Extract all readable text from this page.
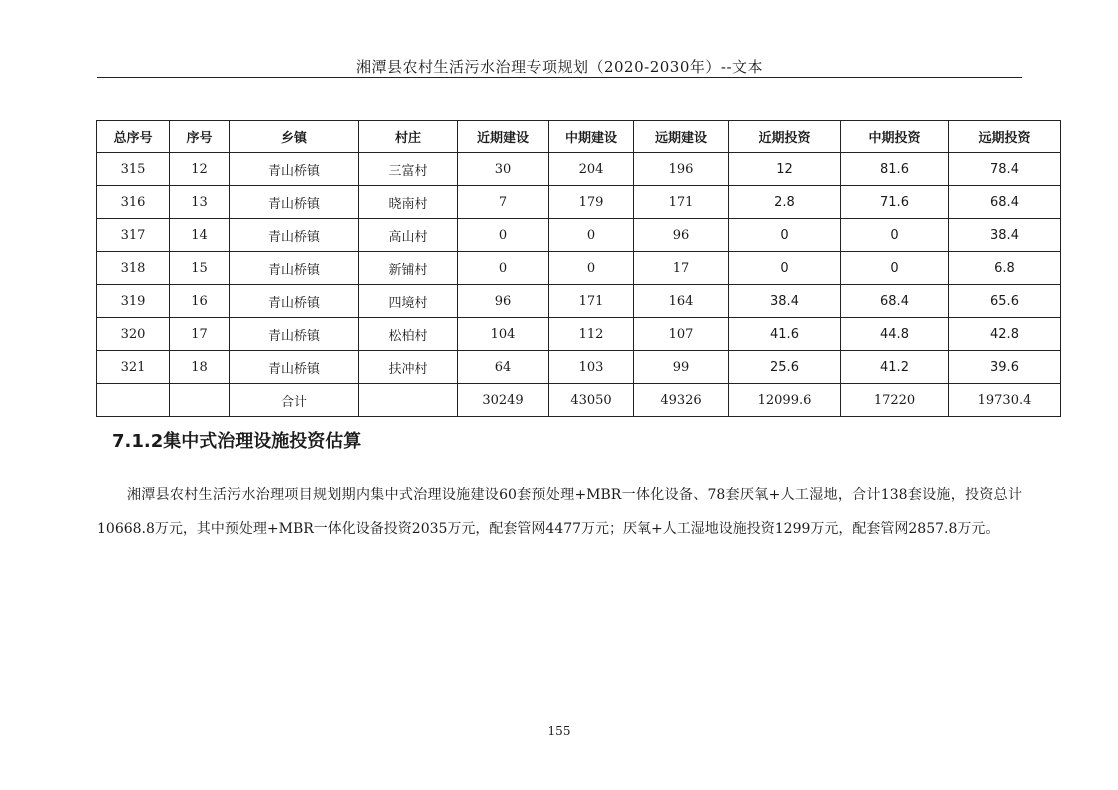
湘潭县农村生活污水治理专项规划（2020-2030年）--文本
总序号	序号	乡镇	村庄	近期建设	中期建设	远期建设	近期投资	中期投资	远期投资
315	12	青山桥镇	三富村	30	204	196	12	81.6	78.4
316	13	青山桥镇	晓南村	7	179	171	2.8	71.6	68.4
317	14	青山桥镇	高山村	0	0	96	0	0	38.4
318	15	青山桥镇	新铺村	0	0	17	0	0	6.8
319	16	青山桥镇	四境村	96	171	164	38.4	68.4	65.6
320	17	青山桥镇	松柏村	104	112	107	41.6	44.8	42.8
321	18	青山桥镇	扶冲村	64	103	99	25.6	41.2	39.6
		合计		30249	43050	49326	12099.6	17220	19730.4
7.1.2集中式治理设施投资估算

湘潭县农村生活污水治理项目规划期内集中式治理设施建设60套预处理+MBR一体化设备、78套厌氧+人工湿地，合计138套设施，投资总计10668.8万元，其中预处理+MBR一体化设备投资2035万元，配套管网4477万元；厌氧+人工湿地设施投资1299万元，配套管网2857.8万元。

155
